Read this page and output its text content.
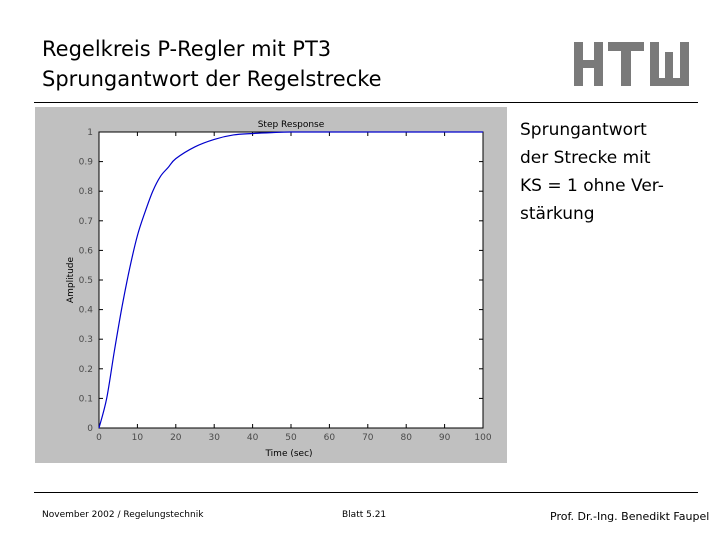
Regelkreis P-Regler mit PT3
Sprungantwort der Regelstrecke
Step Response
Time (sec)
Amplitude
0	10	20	30	40	50	60	70	80	90	100
0
0.1
0.2
0.3
0.4
0.5
0.6
0.7
0.8
0.9
1	Sprungantwort
der Strecke mit
KS = 1 ohne Ver-
stärkung
November 2002 / Regelungstechnik	Blatt 5.21	Prof. Dr.-Ing. Benedikt Faupel
